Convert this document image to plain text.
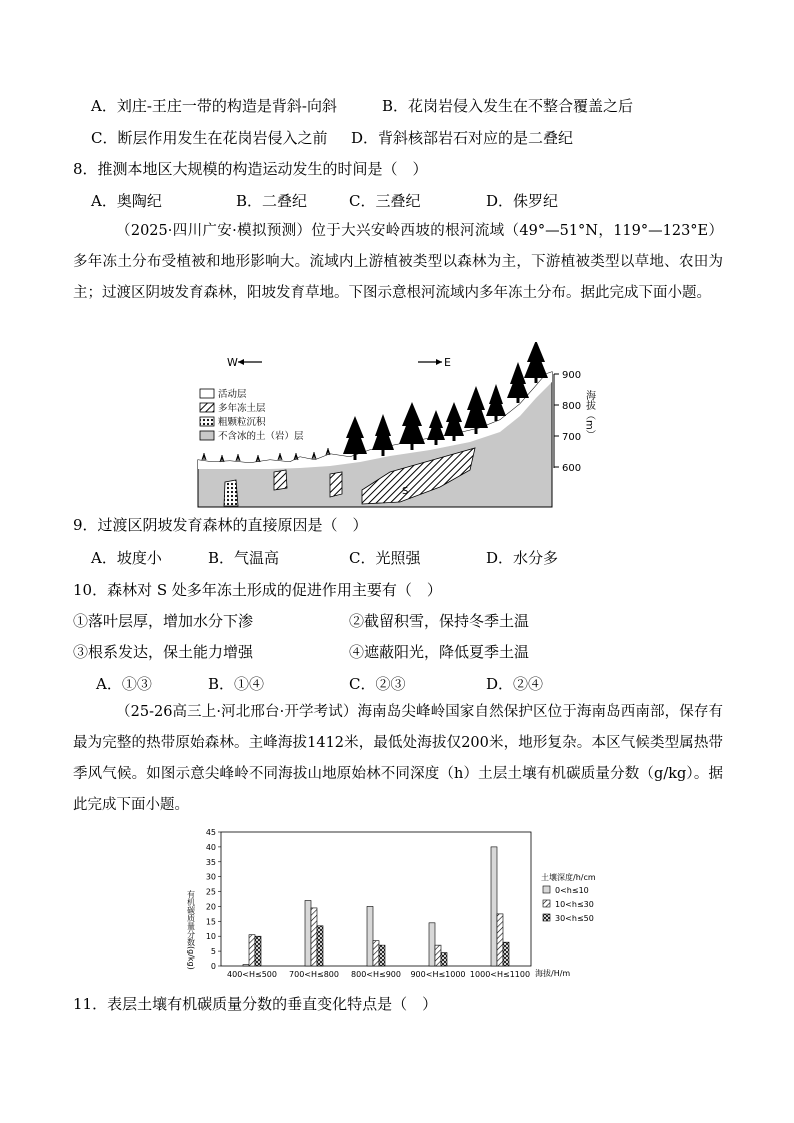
A．刘庄-王庄一带的构造是背斜-向斜	B．花岗岩侵入发生在不整合覆盖之后
C．断层作用发生在花岗岩侵入之前 D．背斜核部岩石对应的是二叠纪
8．推测本地区大规模的构造运动发生的时间是（　）
A．奥陶纪	B．二叠纪	C．三叠纪	D．侏罗纪
（2025·四川广安·模拟预测）位于大兴安岭西坡的根河流域（49°—51°N，119°—123°E）多年冻土分布受植被和地形影响大。流域内上游植被类型以森林为主，下游植被类型以草地、农田为主；过渡区阴坡发育森林，阳坡发育草地。下图示意根河流域内多年冻土分布。据此完成下面小题。
W	E
S
活动层
多年冻土层
粗颗粒沉积
不含冰的土（岩）层
900
800
700
600
海拔（m）
9．过渡区阴坡发育森林的直接原因是（　）
A．坡度小	B．气温高	C．光照强	D．水分多
10．森林对 S 处多年冻土形成的促进作用主要有（　）
①落叶层厚，增加水分下渗	②截留积雪，保持冬季土温
③根系发达，保土能力增强	④遮蔽阳光，降低夏季土温
A．①③	B．①④	C．②③	D．②④
（25-26高三上·河北邢台·开学考试）海南岛尖峰岭国家自然保护区位于海南岛西南部，保存有最为完整的热带原始森林。主峰海拔1412米，最低处海拔仅200米，地形复杂。本区气候类型属热带季风气候。如图示意尖峰岭不同海拔山地原始林不同深度（h）土层土壤有机碳质量分数（g/kg）。据此完成下面小题。
0
5
10
15
20
25
30
35
40
45
400<H≤500 700<H≤800 800<H≤900 900<H≤1000 1000<H≤1100
有机碳质量分数(g/kg)
海拔/H/m
土壤深度/h/cm
0<h≤10
10<h≤30
30<h≤50
11．表层土壤有机碳质量分数的垂直变化特点是（　）
